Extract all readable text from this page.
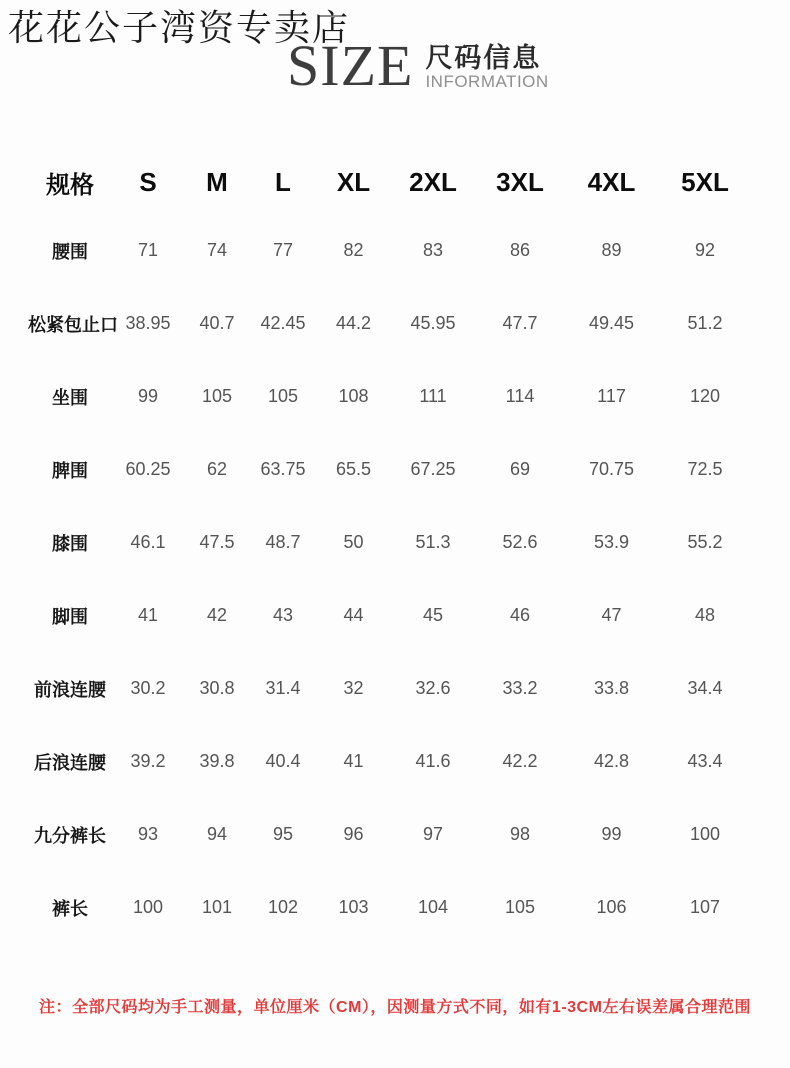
花花公子湾资专卖店
SIZE 尺码信息
INFORMATION
规格	S	M	L	XL	2XL	3XL	4XL	5XL
腰围	71	74	77	82	83	86	89	92
松紧包止口	38.95	40.7	42.45	44.2	45.95	47.7	49.45	51.2
坐围	99	105	105	108	111	114	117	120
脾围	60.25	62	63.75	65.5	67.25	69	70.75	72.5
膝围	46.1	47.5	48.7	50	51.3	52.6	53.9	55.2
脚围	41	42	43	44	45	46	47	48
前浪连腰	30.2	30.8	31.4	32	32.6	33.2	33.8	34.4
后浪连腰	39.2	39.8	40.4	41	41.6	42.2	42.8	43.4
九分裤长	93	94	95	96	97	98	99	100
裤长	100	101	102	103	104	105	106	107
注：全部尺码均为手工测量，单位厘米（CM），因测量方式不同，如有1-3CM左右误差属合理范围
